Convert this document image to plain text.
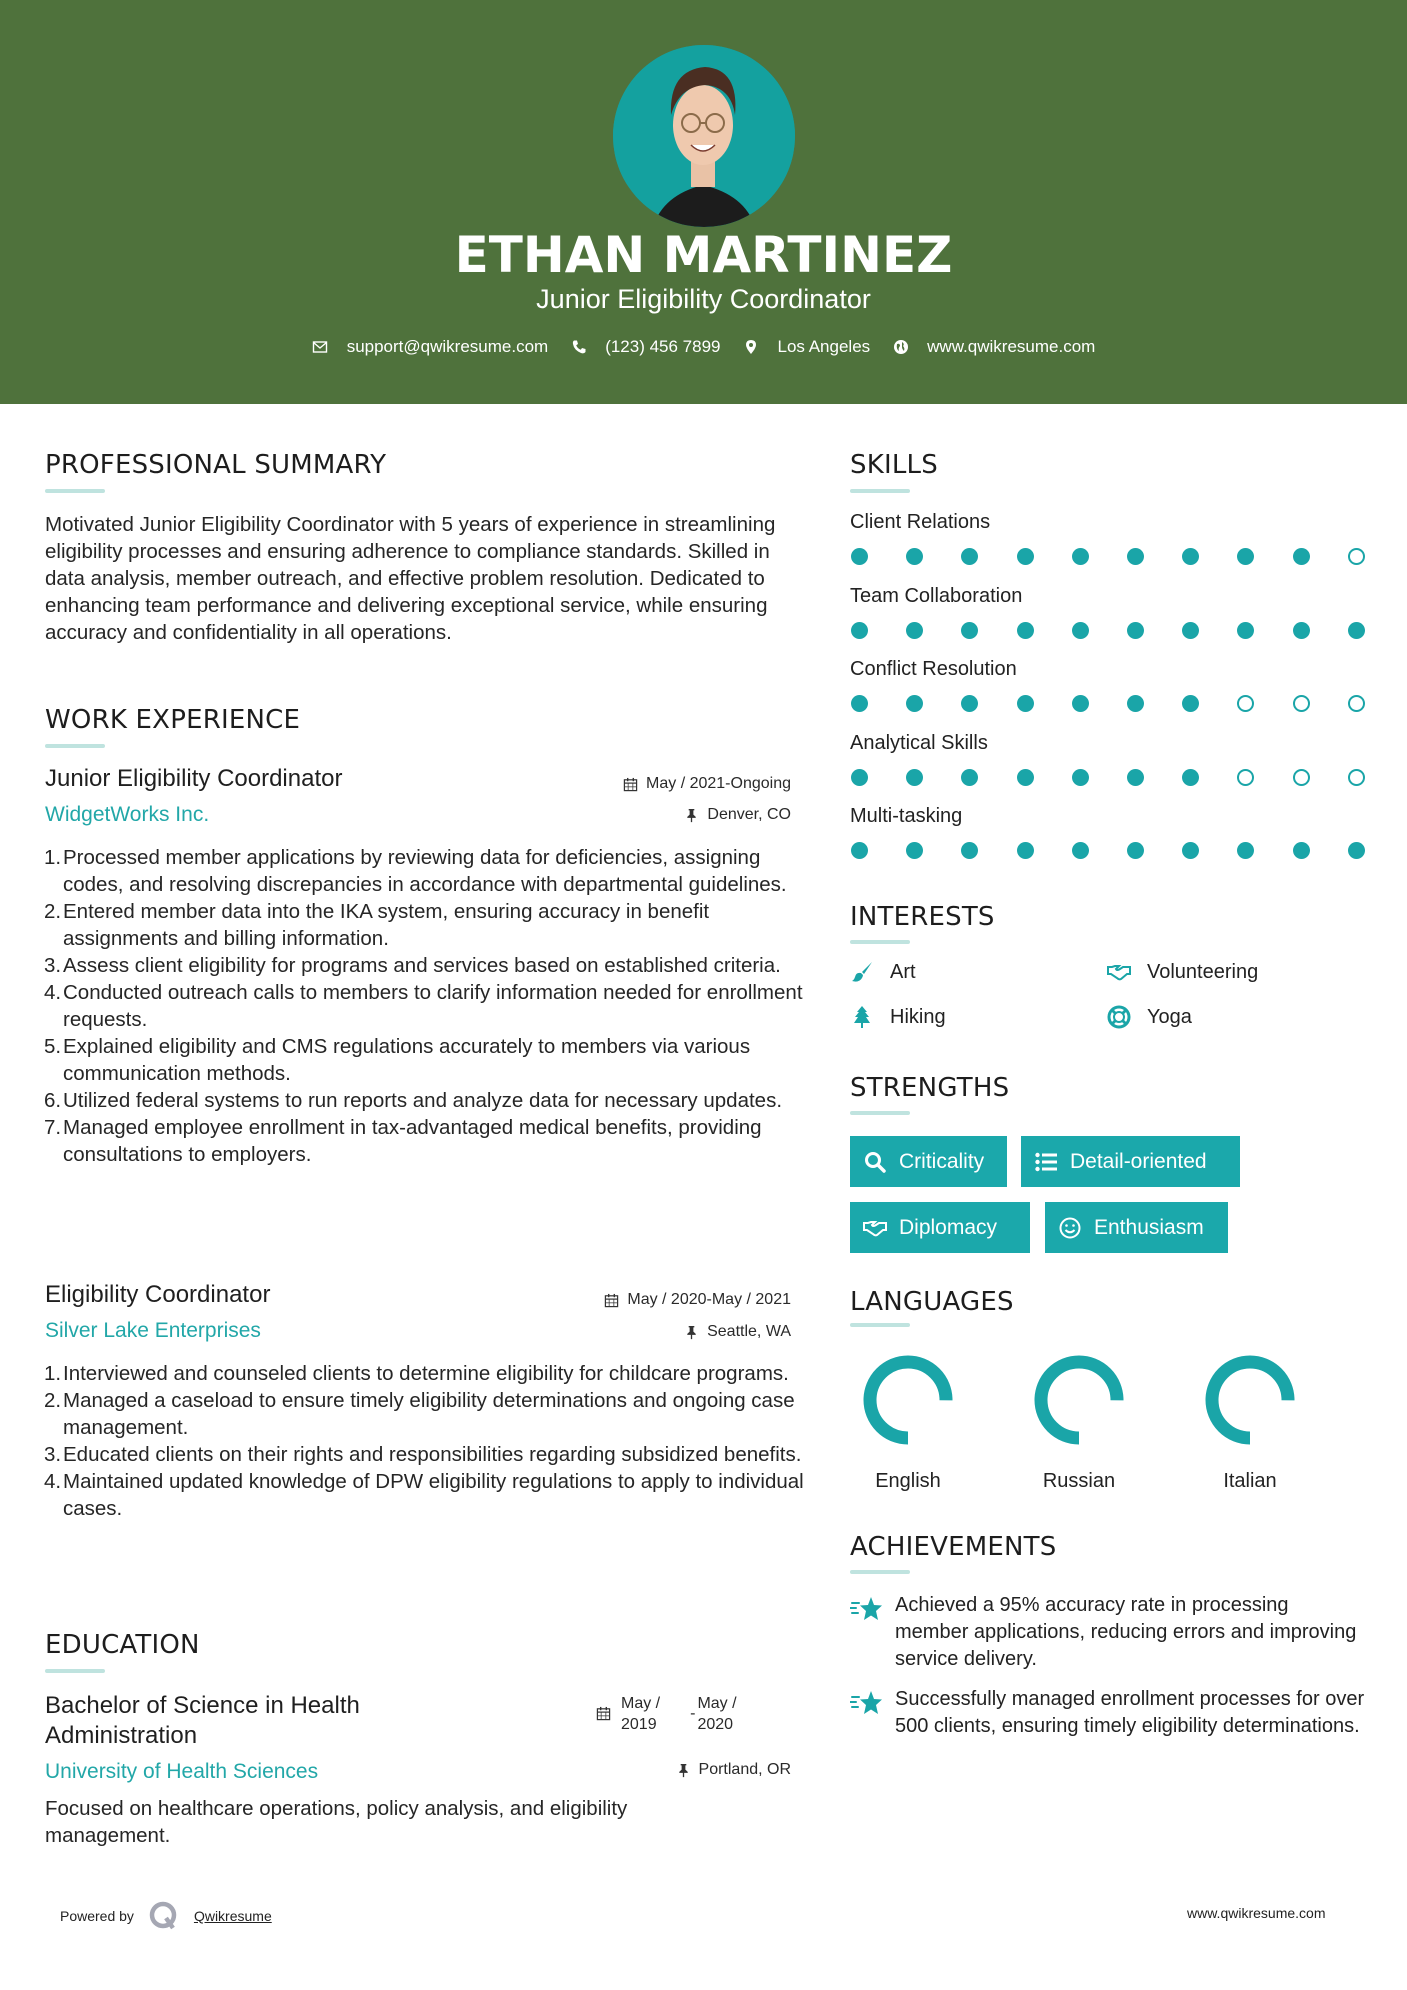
ETHAN MARTINEZ
Junior Eligibility Coordinator
support@qwikresume.com	(123) 456 7899	Los Angeles	www.qwikresume.com
PROFESSIONAL SUMMARY
Motivated Junior Eligibility Coordinator with 5 years of experience in streamlining eligibility processes and ensuring adherence to compliance standards. Skilled in data analysis, member outreach, and effective problem resolution. Dedicated to enhancing team performance and delivering exceptional service, while ensuring accuracy and confidentiality in all operations.
WORK EXPERIENCE
Junior Eligibility Coordinator	May / 2021-Ongoing
WidgetWorks Inc.	Denver, CO
Processed member applications by reviewing data for deficiencies, assigning codes, and resolving discrepancies in accordance with departmental guidelines.
Entered member data into the IKA system, ensuring accuracy in benefit assignments and billing information.
Assess client eligibility for programs and services based on established criteria.
Conducted outreach calls to members to clarify information needed for enrollment requests.
Explained eligibility and CMS regulations accurately to members via various communication methods.
Utilized federal systems to run reports and analyze data for necessary updates.
Managed employee enrollment in tax-advantaged medical benefits, providing consultations to employers.
Eligibility Coordinator	May / 2020-May / 2021
Silver Lake Enterprises	Seattle, WA
Interviewed and counseled clients to determine eligibility for childcare programs.
Managed a caseload to ensure timely eligibility determinations and ongoing case management.
Educated clients on their rights and responsibilities regarding subsidized benefits.
Maintained updated knowledge of DPW eligibility regulations to apply to individual cases.
EDUCATION
Bachelor of Science in Health
Administration
May /
2019
-
May /
2020
University of Health Sciences	Portland, OR
Focused on healthcare operations, policy analysis, and eligibility management.
SKILLS
Client Relations
Team Collaboration
Conflict Resolution
Analytical Skills
Multi-tasking
INTERESTS
Art	Volunteering
Hiking	Yoga
STRENGTHS
Criticality	Detail-oriented
Diplomacy	Enthusiasm
LANGUAGES
English	Russian	Italian
ACHIEVEMENTS
Achieved a 95% accuracy rate in processing member applications, reducing errors and improving service delivery.
Successfully managed enrollment processes for over 500 clients, ensuring timely eligibility determinations.
Powered by	Qwikresume	www.qwikresume.com
